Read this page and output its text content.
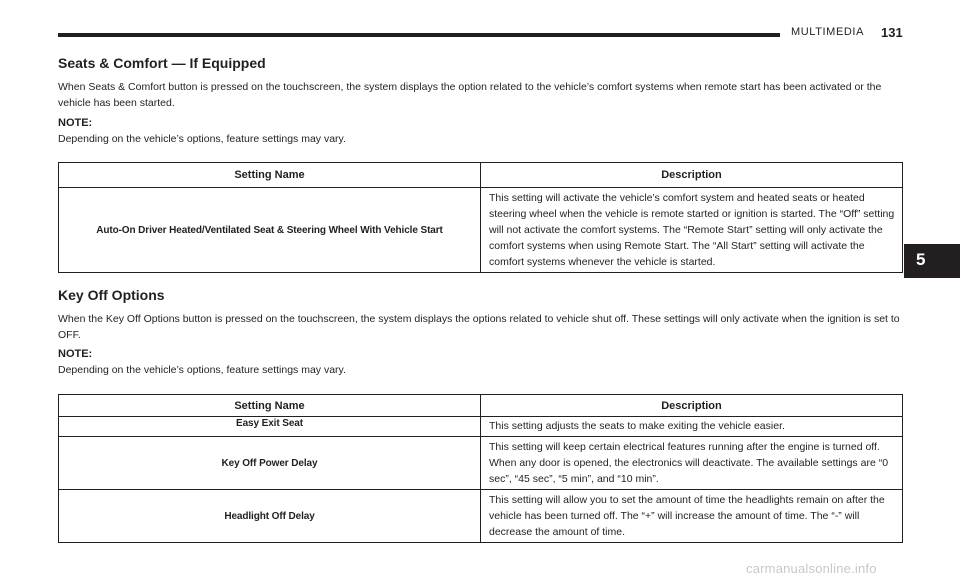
MULTIMEDIA 131
5
Seats & Comfort — If Equipped

When Seats & Comfort button is pressed on the touchscreen, the system displays the option related to the vehicle’s comfort systems when remote start has been activated or the vehicle has been started.

NOTE:

Depending on the vehicle’s options, feature settings may vary.

Setting Name	Description
Auto-On Driver Heated/Ventilated Seat & Steering Wheel With Vehicle Start	This setting will activate the vehicle’s comfort system and heated seats or heated steering wheel when the vehicle is remote started or ignition is started. The “Off” setting will not activate the comfort systems. The “Remote Start” setting will only activate the comfort systems when using Remote Start. The “All Start” setting will activate the comfort systems whenever the vehicle is started.
Key Off Options

When the Key Off Options button is pressed on the touchscreen, the system displays the options related to vehicle shut off. These settings will only activate when the ignition is set to OFF.

NOTE:

Depending on the vehicle’s options, feature settings may vary.

Setting Name	Description
Easy Exit Seat	This setting adjusts the seats to make exiting the vehicle easier.
Key Off Power Delay	This setting will keep certain electrical features running after the engine is turned off. When any door is opened, the electronics will deactivate. The available settings are “0 sec”, “45 sec”, “5 min”, and “10 min”.
Headlight Off Delay	This setting will allow you to set the amount of time the headlights remain on after the vehicle has been turned off. The “+” will increase the amount of time. The “-” will decrease the amount of time.
carmanualsonline.info
